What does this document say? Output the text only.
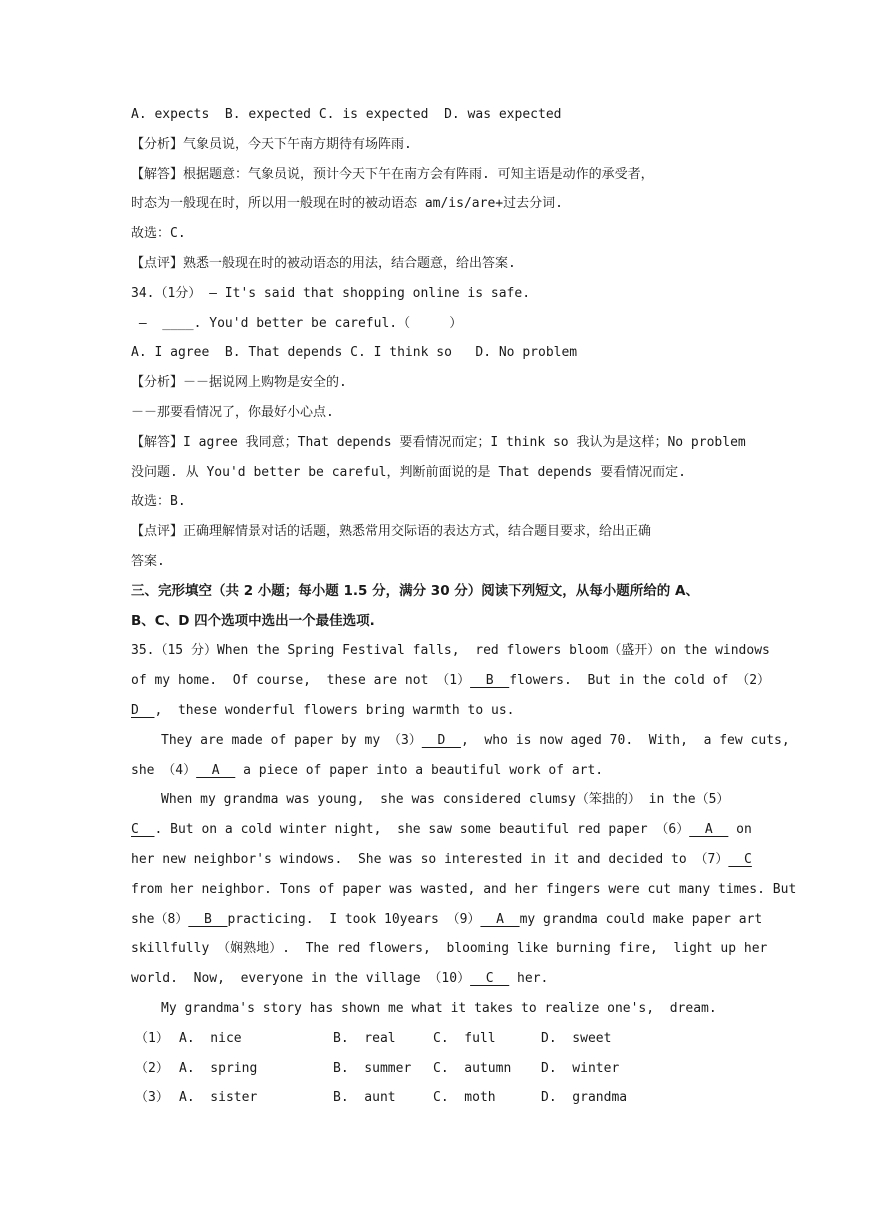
A. expects  B. expected C. is expected  D. was expected
【分析】气象员说，今天下午南方期待有场阵雨.
【解答】根据题意：气象员说，预计今天下午在南方会有阵雨. 可知主语是动作的承受者，
时态为一般现在时，所以用一般现在时的被动语态 am/is/are+过去分词.
故选：C.
【点评】熟悉一般现在时的被动语态的用法，结合题意，给出答案.
34.（1分） – It's said that shopping online is safe.
–  ____. You'd better be careful.（     ）
A. I agree  B. That depends C. I think so   D. No problem
【分析】－－据说网上购物是安全的.
－－那要看情况了，你最好小心点.
【解答】I agree 我同意；That depends 要看情况而定；I think so 我认为是这样；No problem
没问题. 从 You'd better be careful，判断前面说的是 That depends 要看情况而定.
故选：B.
【点评】正确理解情景对话的话题，熟悉常用交际语的表达方式，结合题目要求，给出正确
答案.
三、完形填空（共 2 小题；每小题 1.5 分，满分 30 分）阅读下列短文，从每小题所给的 A、
B、C、D 四个选项中选出一个最佳选项.
35.（15 分）When the Spring Festival falls,  red flowers bloom（盛开）on the windows
of my home.  Of course,  these are not （1）  B  flowers.  But in the cold of （2）
D  ,  these wonderful flowers bring warmth to us.
They are made of paper by my （3）  D  ,  who is now aged 70.  With,  a few cuts,
she （4）  A   a piece of paper into a beautiful work of art.
When my grandma was young,  she was considered clumsy（笨拙的） in the（5）
C  . But on a cold winter night,  she saw some beautiful red paper （6）  A   on
her new neighbor's windows.  She was so interested in it and decided to （7）  C
from her neighbor. Tons of paper was wasted, and her fingers were cut many times. But
she（8）  B  practicing.  I took 10years （9）  A  my grandma could make paper art
skillfully （娴熟地）.  The red flowers,  blooming like burning fire,  light up her
world.  Now,  everyone in the village （10）  C   her.
My grandma's story has shown me what it takes to realize one's,  dream.
（1） A.  nice	B.  real	C.  full	D.  sweet
（2） A.  spring	B.  summer C.  autumn D.  winter
（3） A.  sister	B.  aunt	C.  moth	D.  grandma
